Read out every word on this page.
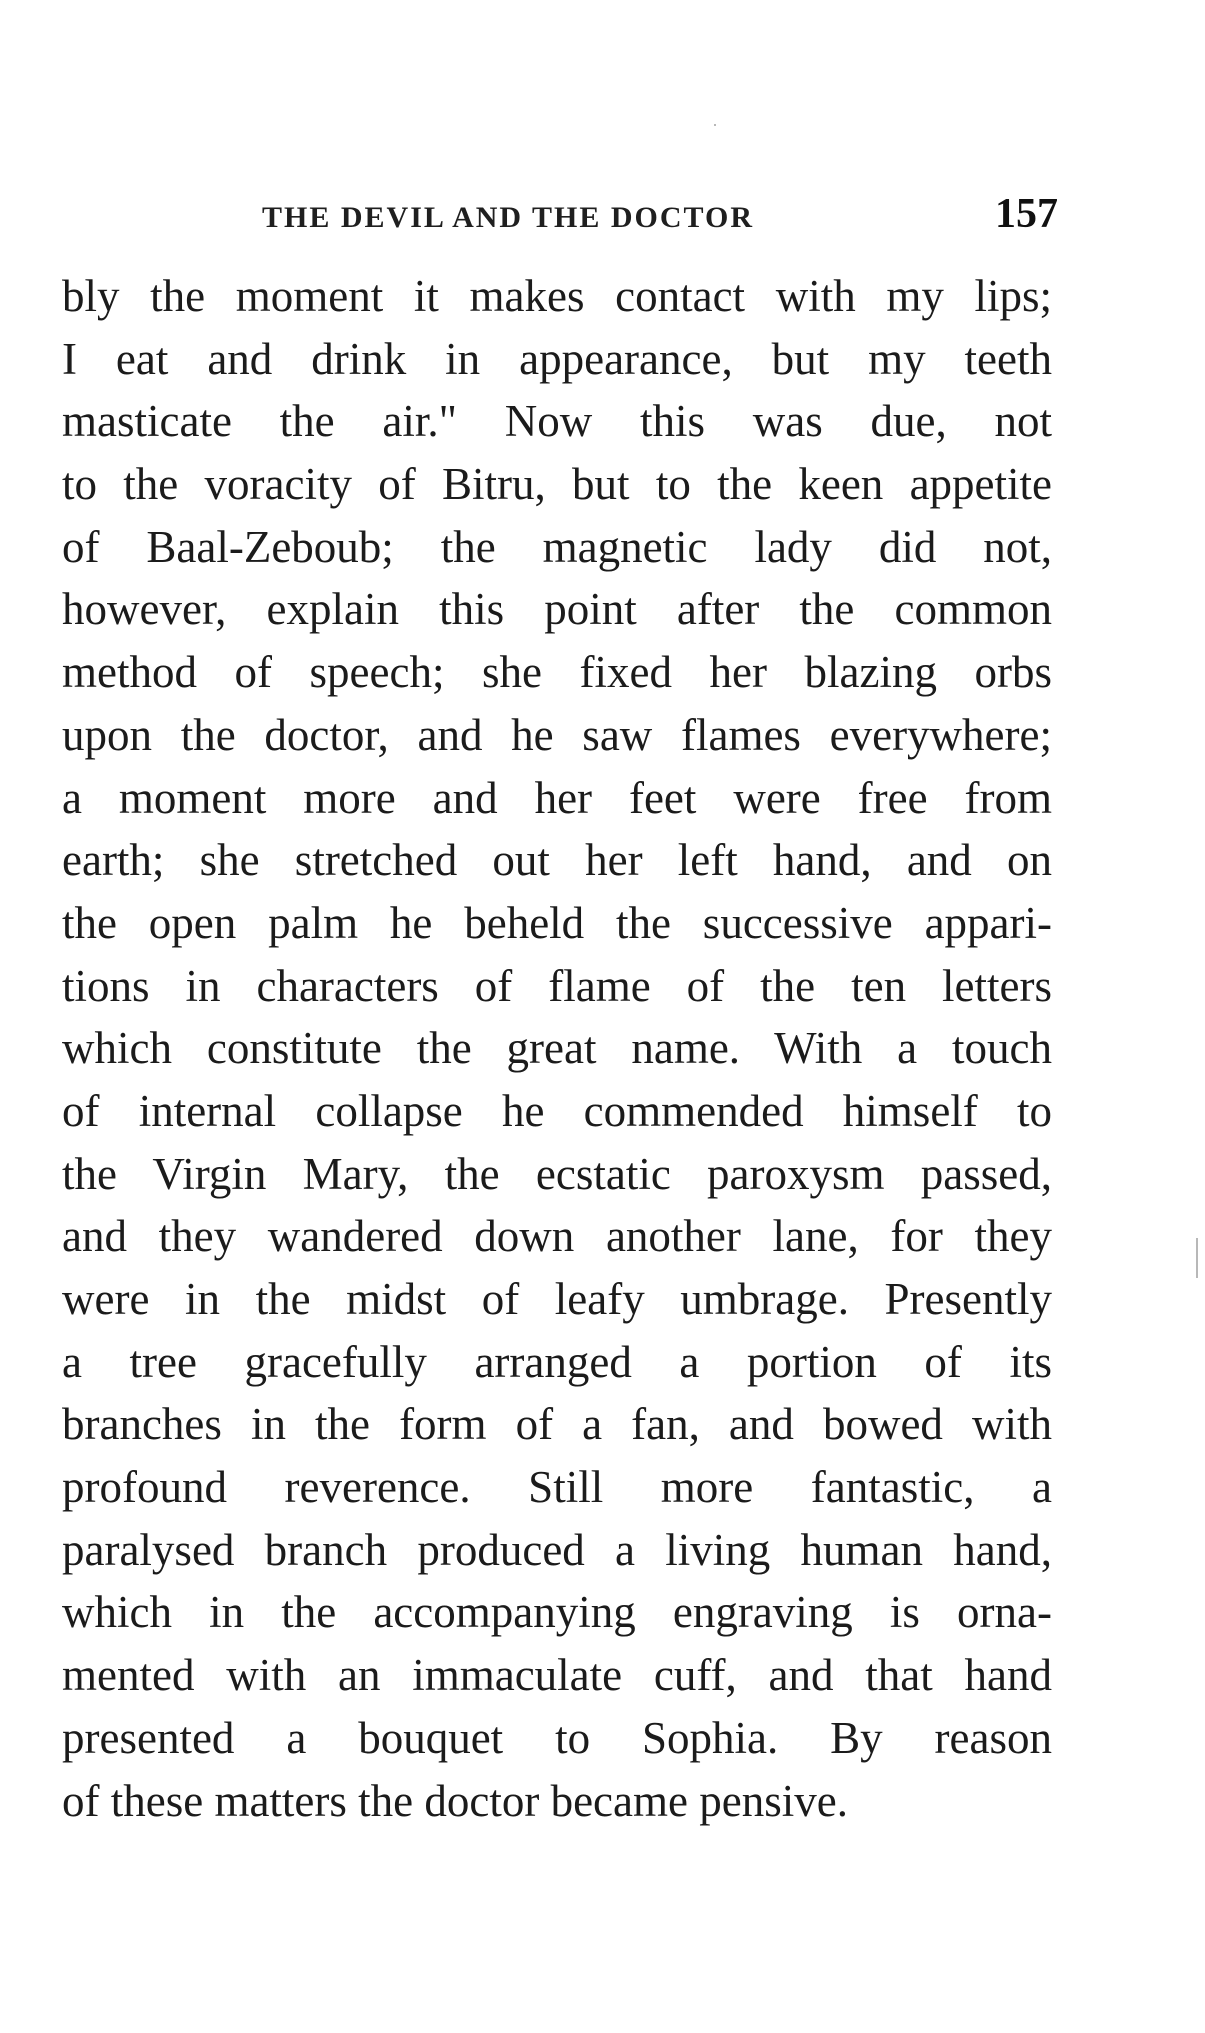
THE DEVIL AND THE DOCTOR	157
bly the moment it makes contact with my lips;
I eat and drink in appearance, but my teeth
masticate the air." Now this was due, not
to the voracity of Bitru, but to the keen appetite
of Baal-Zeboub; the magnetic lady did not,
however, explain this point after the common
method of speech; she fixed her blazing orbs
upon the doctor, and he saw flames everywhere;
a moment more and her feet were free from
earth; she stretched out her left hand, and on
the open palm he beheld the successive appari-
tions in characters of flame of the ten letters
which constitute the great name. With a touch
of internal collapse he commended himself to
the Virgin Mary, the ecstatic paroxysm passed,
and they wandered down another lane, for they
were in the midst of leafy umbrage. Presently
a tree gracefully arranged a portion of its
branches in the form of a fan, and bowed with
profound reverence. Still more fantastic, a
paralysed branch produced a living human hand,
which in the accompanying engraving is orna-
mented with an immaculate cuff, and that hand
presented a bouquet to Sophia. By reason
of these matters the doctor became pensive.
